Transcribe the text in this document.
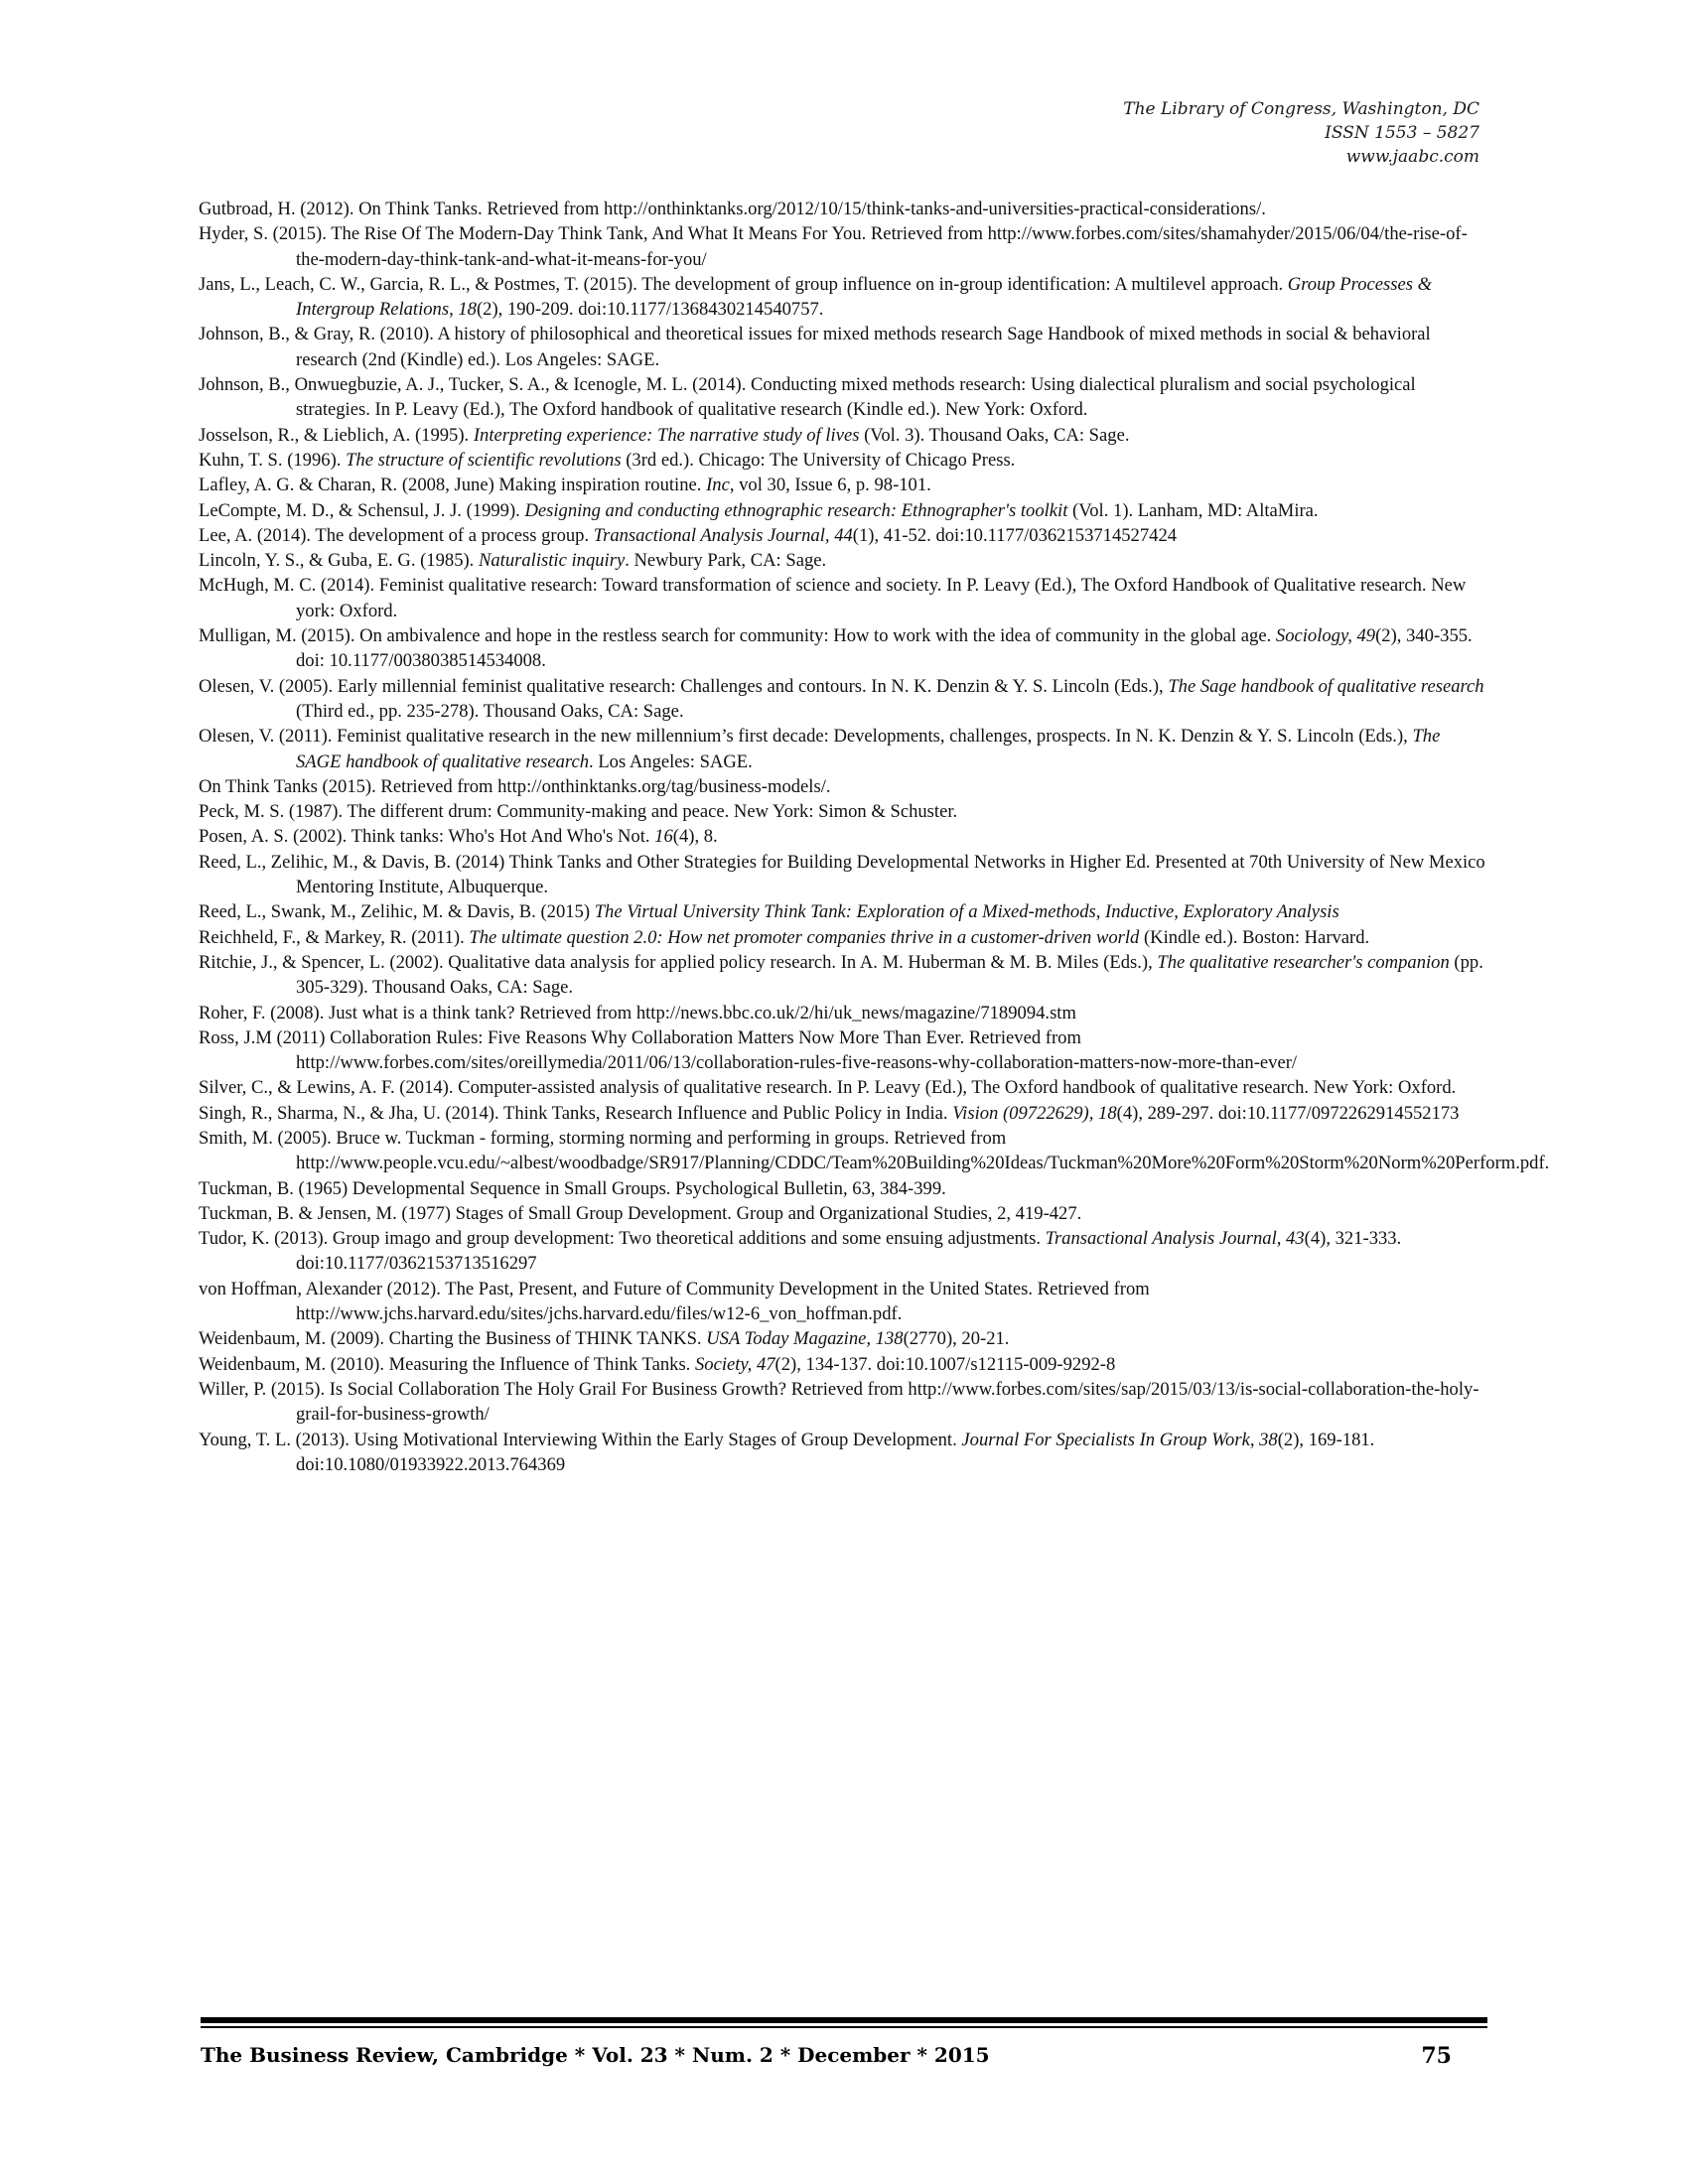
The Library of Congress, Washington, DC
ISSN 1553 – 5827
www.jaabc.com

Gutbroad, H. (2012). On Think Tanks. Retrieved from http://onthinktanks.org/2012/10/15/think-tanks-and-universities-practical-considerations/.

Hyder, S. (2015). The Rise Of The Modern-Day Think Tank, And What It Means For You. Retrieved from http://www.forbes.com/sites/shamahyder/2015/06/04/the-rise-of-the-modern-day-think-tank-and-what-it-means-for-you/

Jans, L., Leach, C. W., Garcia, R. L., & Postmes, T. (2015). The development of group influence on in-group identification: A multilevel approach. Group Processes & Intergroup Relations, 18(2), 190-209. doi:10.1177/1368430214540757.

Johnson, B., & Gray, R. (2010). A history of philosophical and theoretical issues for mixed methods research Sage Handbook of mixed methods in social & behavioral research (2nd (Kindle) ed.). Los Angeles: SAGE.

Johnson, B., Onwuegbuzie, A. J., Tucker, S. A., & Icenogle, M. L. (2014). Conducting mixed methods research: Using dialectical pluralism and social psychological strategies. In P. Leavy (Ed.), The Oxford handbook of qualitative research (Kindle ed.). New York: Oxford.

Josselson, R., & Lieblich, A. (1995). Interpreting experience: The narrative study of lives (Vol. 3). Thousand Oaks, CA: Sage.

Kuhn, T. S. (1996). The structure of scientific revolutions (3rd ed.). Chicago: The University of Chicago Press.

Lafley, A. G. & Charan, R. (2008, June) Making inspiration routine. Inc, vol 30, Issue 6, p. 98-101.

LeCompte, M. D., & Schensul, J. J. (1999). Designing and conducting ethnographic research: Ethnographer's toolkit (Vol. 1). Lanham, MD: AltaMira.

Lee, A. (2014). The development of a process group. Transactional Analysis Journal, 44(1), 41-52. doi:10.1177/0362153714527424

Lincoln, Y. S., & Guba, E. G. (1985). Naturalistic inquiry. Newbury Park, CA: Sage.

McHugh, M. C. (2014). Feminist qualitative research: Toward transformation of science and society. In P. Leavy (Ed.), The Oxford Handbook of Qualitative research. New york: Oxford.

Mulligan, M. (2015). On ambivalence and hope in the restless search for community: How to work with the idea of community in the global age. Sociology, 49(2), 340-355. doi: 10.1177/0038038514534008.

Olesen, V. (2005). Early millennial feminist qualitative research: Challenges and contours. In N. K. Denzin & Y. S. Lincoln (Eds.), The Sage handbook of qualitative research (Third ed., pp. 235-278). Thousand Oaks, CA: Sage.

Olesen, V. (2011). Feminist qualitative research in the new millennium’s first decade: Developments, challenges, prospects. In N. K. Denzin & Y. S. Lincoln (Eds.), The SAGE handbook of qualitative research. Los Angeles: SAGE.

On Think Tanks (2015). Retrieved from http://onthinktanks.org/tag/business-models/.

Peck, M. S. (1987). The different drum: Community-making and peace. New York: Simon & Schuster.

Posen, A. S. (2002). Think tanks: Who's Hot And Who's Not. 16(4), 8.

Reed, L., Zelihic, M., & Davis, B. (2014) Think Tanks and Other Strategies for Building Developmental Networks in Higher Ed. Presented at 70th University of New Mexico Mentoring Institute, Albuquerque.

Reed, L., Swank, M., Zelihic, M. & Davis, B. (2015) The Virtual University Think Tank: Exploration of a Mixed-methods, Inductive, Exploratory Analysis

Reichheld, F., & Markey, R. (2011). The ultimate question 2.0: How net promoter companies thrive in a customer-driven world (Kindle ed.). Boston: Harvard.

Ritchie, J., & Spencer, L. (2002). Qualitative data analysis for applied policy research. In A. M. Huberman & M. B. Miles (Eds.), The qualitative researcher's companion (pp. 305-329). Thousand Oaks, CA: Sage.

Roher, F. (2008). Just what is a think tank? Retrieved from http://news.bbc.co.uk/2/hi/uk_news/magazine/7189094.stm

Ross, J.M (2011) Collaboration Rules: Five Reasons Why Collaboration Matters Now More Than Ever. Retrieved from http://www.forbes.com/sites/oreillymedia/2011/06/13/collaboration-rules-five-reasons-why-collaboration-matters-now-more-than-ever/

Silver, C., & Lewins, A. F. (2014). Computer-assisted analysis of qualitative research. In P. Leavy (Ed.), The Oxford handbook of qualitative research. New York: Oxford.

Singh, R., Sharma, N., & Jha, U. (2014). Think Tanks, Research Influence and Public Policy in India. Vision (09722629), 18(4), 289-297. doi:10.1177/0972262914552173

Smith, M. (2005). Bruce w. Tuckman - forming, storming norming and performing in groups. Retrieved from http://www.people.vcu.edu/~albest/woodbadge/SR917/Planning/CDDC/Team%20Building%20Ideas/Tuckman%20More%20Form%20Storm%20Norm%20Perform.pdf.

Tuckman, B. (1965) Developmental Sequence in Small Groups. Psychological Bulletin, 63, 384-399.

Tuckman, B. & Jensen, M. (1977) Stages of Small Group Development. Group and Organizational Studies, 2, 419-427.

Tudor, K. (2013). Group imago and group development: Two theoretical additions and some ensuing adjustments. Transactional Analysis Journal, 43(4), 321-333. doi:10.1177/0362153713516297

von Hoffman, Alexander (2012). The Past, Present, and Future of Community Development in the United States. Retrieved from http://www.jchs.harvard.edu/sites/jchs.harvard.edu/files/w12-6_von_hoffman.pdf.

Weidenbaum, M. (2009). Charting the Business of THINK TANKS. USA Today Magazine, 138(2770), 20-21.

Weidenbaum, M. (2010). Measuring the Influence of Think Tanks. Society, 47(2), 134-137. doi:10.1007/s12115-009-9292-8

Willer, P. (2015). Is Social Collaboration The Holy Grail For Business Growth? Retrieved from http://www.forbes.com/sites/sap/2015/03/13/is-social-collaboration-the-holy-grail-for-business-growth/

Young, T. L. (2013). Using Motivational Interviewing Within the Early Stages of Group Development. Journal For Specialists In Group Work, 38(2), 169-181. doi:10.1080/01933922.2013.764369

The Business Review, Cambridge * Vol. 23 * Num. 2 * December * 2015	75
